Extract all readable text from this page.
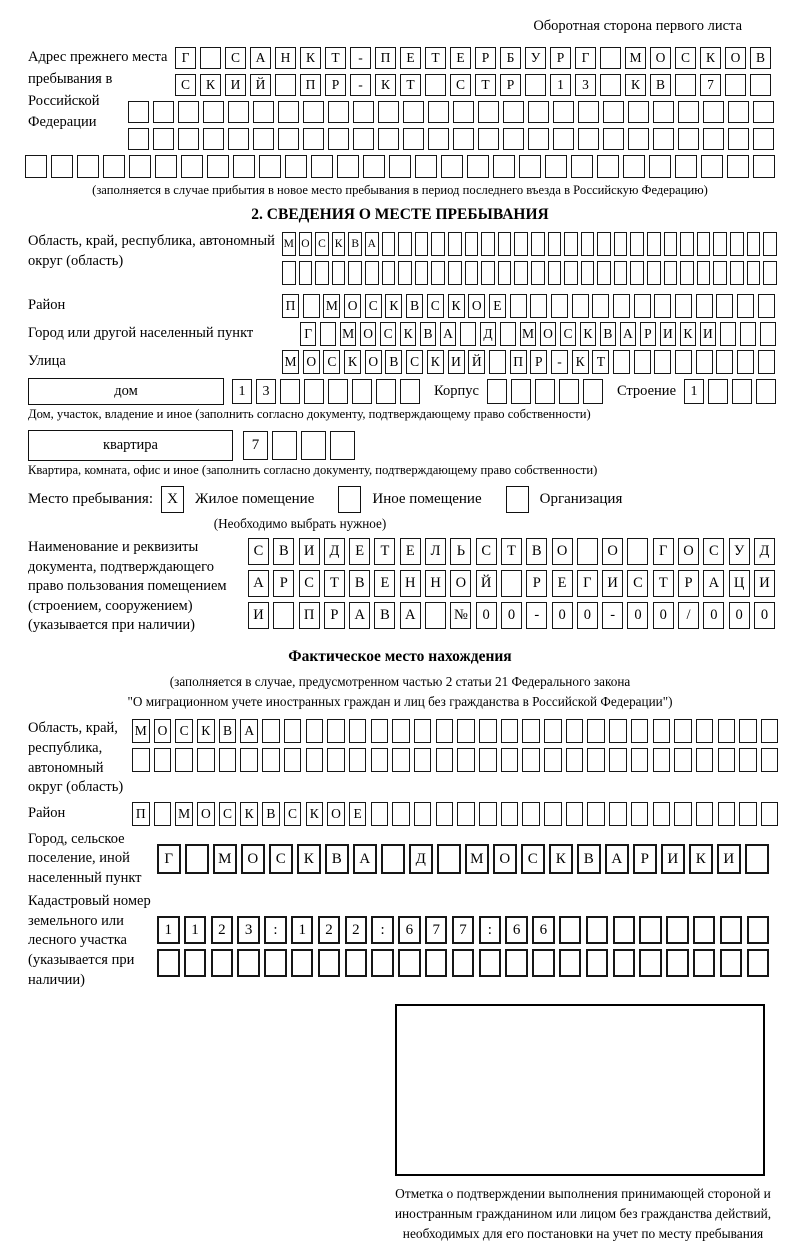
Оборотная сторона первого листа
Адрес прежнего места пребывания в Российской Федерации
Г	С	А	Н	К	Т	-	П	Е	Т	Е	Р	Б	У	Р	Г	М	О	С	К	О	В
С	К	И	Й	П	Р	-	К	Т	С	Т	Р	1	3	К	В	7
(заполняется в случае прибытия в новое место пребывания в период последнего въезда в Российскую Федерацию)
2. СВЕДЕНИЯ О МЕСТЕ ПРЕБЫВАНИЯ
Область, край, республика, автономный округ (область)
М О С К В А
Район	П М О С К В С К О Е
Город или другой населенный пункт	Г	М О С К В А Д М О С К В А Р И К И
Улица	М О С К О В С К И Й П Р	-	К Т
дом	1	3	Корпус	Строение	1
Дом, участок, владение и иное (заполнить согласно документу, подтверждающему право собственности)
квартира	7
Квартира, комната, офис и иное (заполнить согласно документу, подтверждающему право собственности)
Место пребывания: X	Жилое помещение	Иное помещение	Организация
(Необходимо выбрать нужное)
Наименование и реквизиты документа, подтверждающего право пользования помещением (строением, сооружением) (указывается при наличии)
С	В	И	Д	Е	Т	Е	Л	Ь	С	Т	В	О	О	Г	О	С	У	Д
А	Р	С	Т	В	Е	Н	Н	О	Й	Р	Е	Г	И	С	Т	Р	А	Ц	И
И	П	Р	А	В	А	№	0	0	-	0	0	-	0	0	/	0	0	0
Фактическое место нахождения
(заполняется в случае, предусмотренном частью 2 статьи 21 Федерального закона
"О миграционном учете иностранных граждан и лиц без гражданства в Российской Федерации")
Область, край, республика, автономный округ (область)
М О С К В А
Район	П М О С К В С К О Е
Город, сельское поселение, иной населенный пункт
Г	М	О	С	К	В	А	Д	М	О	С	К	В	А	Р	И	К	И
Кадастровый номер земельного или лесного участка (указывается при наличии)
1	1	2	3	:	1	2	2	:	6	7	7	:	6	6
Отметка о подтверждении выполнения принимающей стороной и иностранным гражданином или лицом без гражданства действий, необходимых для его постановки на учет по месту пребывания
